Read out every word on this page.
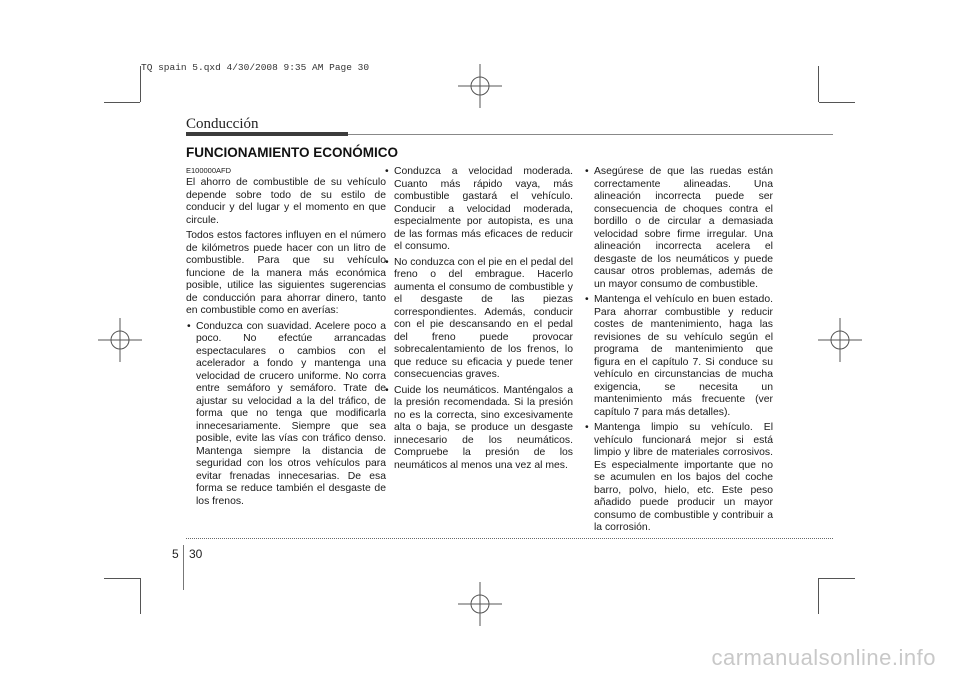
TQ spain 5.qxd 4/30/2008 9:35 AM Page 30
Conducción
FUNCIONAMIENTO ECONÓMICO

E100000AFD

El ahorro de combustible de su vehículo depende sobre todo de su estilo de conducir y del lugar y el momento en que circule.

Todos estos factores influyen en el número de kilómetros puede hacer con un litro de combustible. Para que su vehículo funcione de la manera más económica posible, utilice las siguientes sugerencias de conducción para ahorrar dinero, tanto en combustible como en averías:

• Conduzca con suavidad. Acelere poco a poco. No efectúe arrancadas espectaculares o cambios con el acelerador a fondo y mantenga una velocidad de crucero uniforme. No corra entre semáforo y semáforo. Trate de ajustar su velocidad a la del tráfico, de forma que no tenga que modificarla innecesariamente. Siempre que sea posible, evite las vías con tráfico denso. Mantenga siempre la distancia de seguridad con los otros vehículos para evitar frenadas innecesarias. De esa forma se reduce también el desgaste de los frenos.
• Conduzca a velocidad moderada. Cuanto más rápido vaya, más combustible gastará el vehículo. Conducir a velocidad moderada, especialmente por autopista, es una de las formas más eficaces de reducir el consumo.
• No conduzca con el pie en el pedal del freno o del embrague. Hacerlo aumenta el consumo de combustible y el desgaste de las piezas correspondientes. Además, conducir con el pie descansando en el pedal del freno puede provocar sobrecalentamiento de los frenos, lo que reduce su eficacia y puede tener consecuencias graves.
• Cuide los neumáticos. Manténgalos a la presión recomendada. Si la presión no es la correcta, sino excesivamente alta o baja, se produce un desgaste innecesario de los neumáticos. Compruebe la presión de los neumáticos al menos una vez al mes.
• Asegúrese de que las ruedas están correctamente alineadas. Una alineación incorrecta puede ser consecuencia de choques contra el bordillo o de circular a demasiada velocidad sobre firme irregular. Una alineación incorrecta acelera el desgaste de los neumáticos y puede causar otros problemas, además de un mayor consumo de combustible.
• Mantenga el vehículo en buen estado. Para ahorrar combustible y reducir costes de mantenimiento, haga las revisiones de su vehículo según el programa de mantenimiento que figura en el capítulo 7. Si conduce su vehículo en circunstancias de mucha exigencia, se necesita un mantenimiento más frecuente (ver capítulo 7 para más detalles).
• Mantenga limpio su vehículo. El vehículo funcionará mejor si está limpio y libre de materiales corrosivos. Es especialmente importante que no se acumulen en los bajos del coche barro, polvo, hielo, etc. Este peso añadido puede producir un mayor consumo de combustible y contribuir a la corrosión.
5 30
carmanualsonline.info
